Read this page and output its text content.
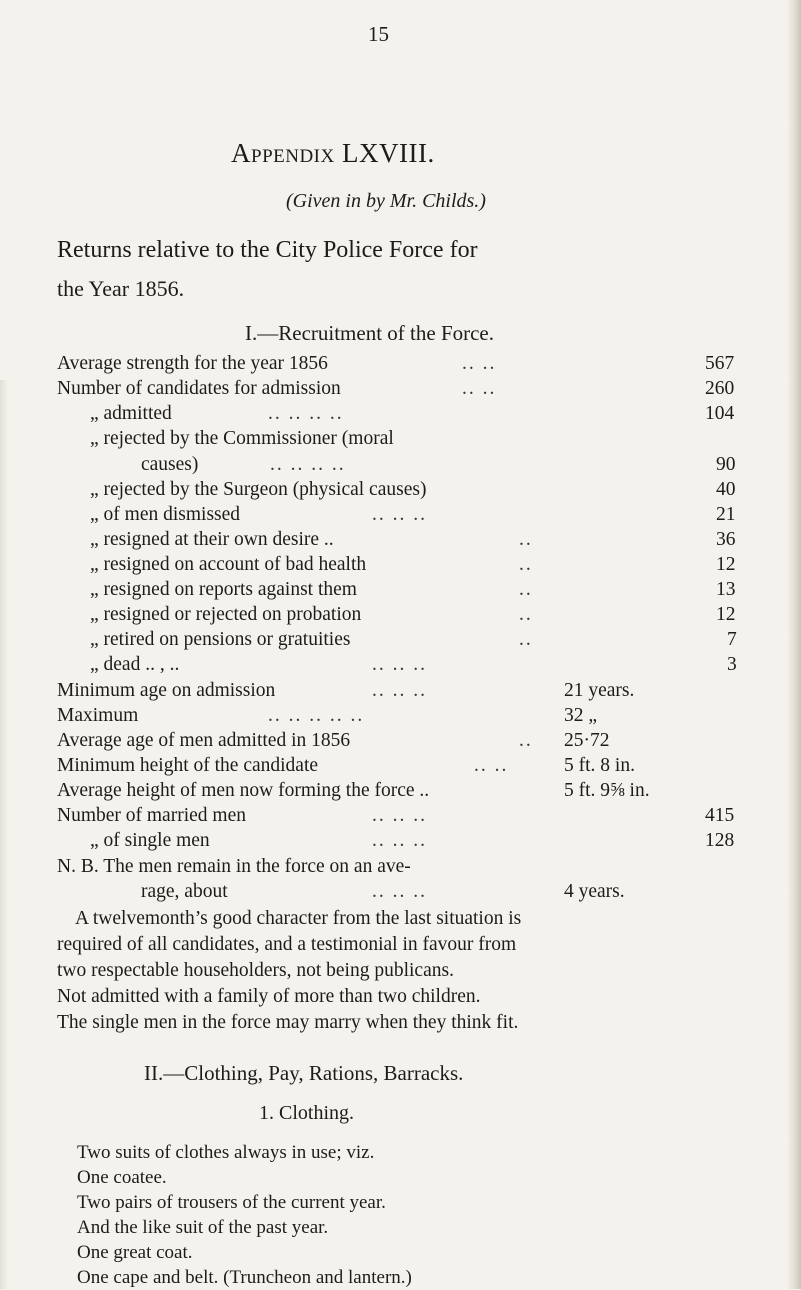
15
Appendix LXVIII.
(Given in by Mr. Childs.)
Returns relative to the City Police Force for
the Year 1856.
I.—Recruitment of the Force.
Average strength for the year 1856	.. ..	567
Number of candidates for admission	.. ..	260
„ admitted	.. .. .. ..	104
„ rejected by the Commissioner (moral
causes)	.. .. .. ..	90
„ rejected by the Surgeon (physical causes)	40
„ of men dismissed	.. .. ..	21
„ resigned at their own desire ..	..	36
„ resigned on account of bad health	..	12
„ resigned on reports against them	..	13
„ resigned or rejected on probation	..	12
„ retired on pensions or gratuities	..	7
„ dead .. , ..	.. .. ..	3
Minimum age on admission	.. .. ..	21 years.
Maximum	.. .. .. .. ..	32 „
Average age of men admitted in 1856	.. 25·72
Minimum height of the candidate	.. ..	5 ft. 8 in.
Average height of men now forming the force ..	5 ft. 9⅝ in.
Number of married men	.. .. ..	415
„ of single men	.. .. ..	128
N. B. The men remain in the force on an ave-
rage, about	.. .. ..	4 years.
A twelvemonth’s good character from the last situation is
required of all candidates, and a testimonial in favour from
two respectable householders, not being publicans.
Not admitted with a family of more than two children.
The single men in the force may marry when they think fit.
II.—Clothing, Pay, Rations, Barracks.
1. Clothing.
Two suits of clothes always in use; viz.
One coatee.
Two pairs of trousers of the current year.
And the like suit of the past year.
One great coat.
One cape and belt. (Truncheon and lantern.)
